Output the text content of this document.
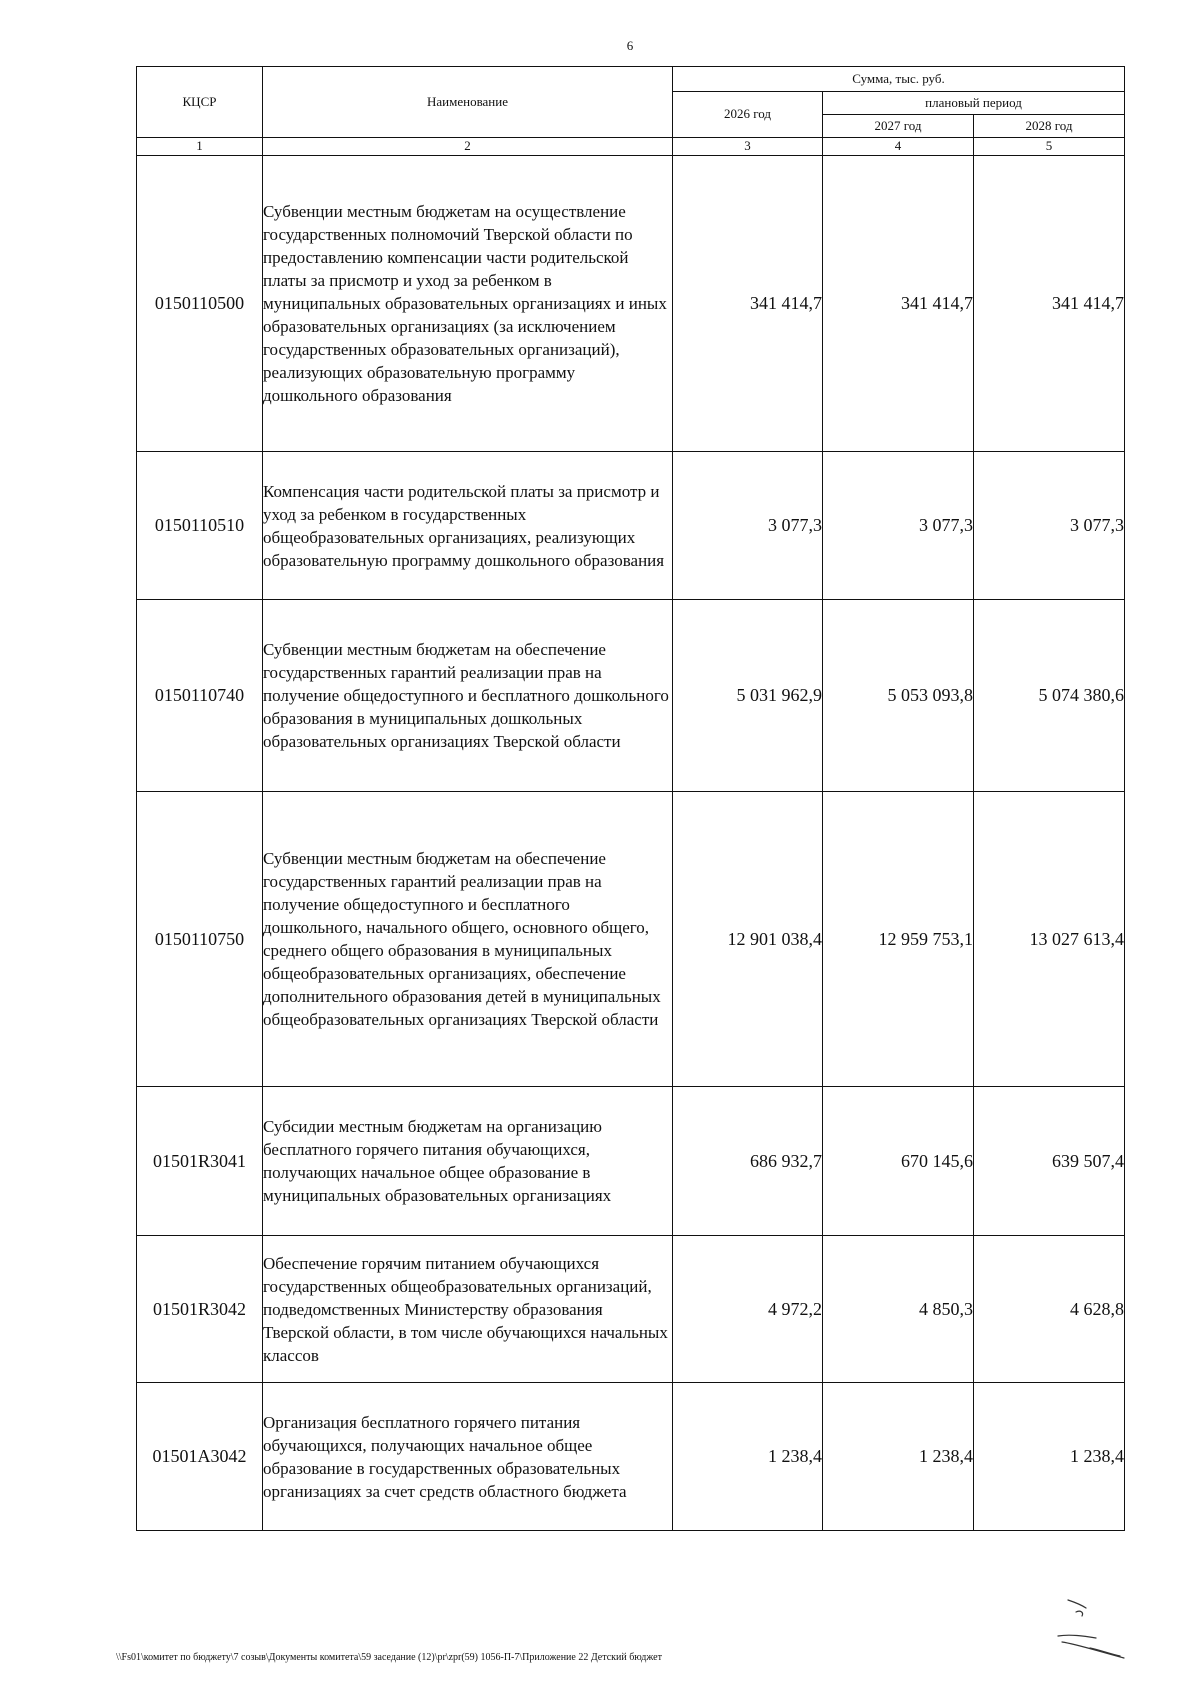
6
КЦСР	Наименование	Сумма, тыс. руб.		
		2026 год	плановый период	
			2027 год	2028 год
1	2	3	4	5
0150110500	Субвенции местным бюджетам на осуществление государственных полномочий Тверской области по предоставлению компенсации части родительской платы за присмотр и уход за ребенком в муниципальных образовательных организациях и иных образовательных организациях (за исключением государственных образовательных организаций), реализующих образовательную программу дошкольного образования	341 414,7	341 414,7	341 414,7
0150110510	Компенсация части родительской платы за присмотр и уход за ребенком в государственных общеобразовательных организациях, реализующих образовательную программу дошкольного образования	3 077,3	3 077,3	3 077,3
0150110740	Субвенции местным бюджетам на обеспечение государственных гарантий реализации прав на получение общедоступного и бесплатного дошкольного образования в муниципальных дошкольных образовательных организациях Тверской области	5 031 962,9	5 053 093,8	5 074 380,6
0150110750	Субвенции местным бюджетам на обеспечение государственных гарантий реализации прав на получение общедоступного и бесплатного дошкольного, начального общего, основного общего, среднего общего образования в муниципальных общеобразовательных организациях, обеспечение дополнительного образования детей в муниципальных общеобразовательных организациях Тверской области	12 901 038,4	12 959 753,1	13 027 613,4
01501R3041	Субсидии местным бюджетам на организацию бесплатного горячего питания обучающихся, получающих начальное общее образование в муниципальных образовательных организациях	686 932,7	670 145,6	639 507,4
01501R3042	Обеспечение горячим питанием обучающихся государственных общеобразовательных организаций, подведомственных Министерству образования Тверской области, в том числе обучающихся начальных классов	4 972,2	4 850,3	4 628,8
01501A3042	Организация бесплатного горячего питания обучающихся, получающих начальное общее образование в государственных образовательных организациях за счет средств областного бюджета	1 238,4	1 238,4	1 238,4
\\Fs01\комитет по бюджету\7 созыв\Документы комитета\59 заседание (12)\pr\zpr(59) 1056-П-7\Приложение 22 Детский бюджет
